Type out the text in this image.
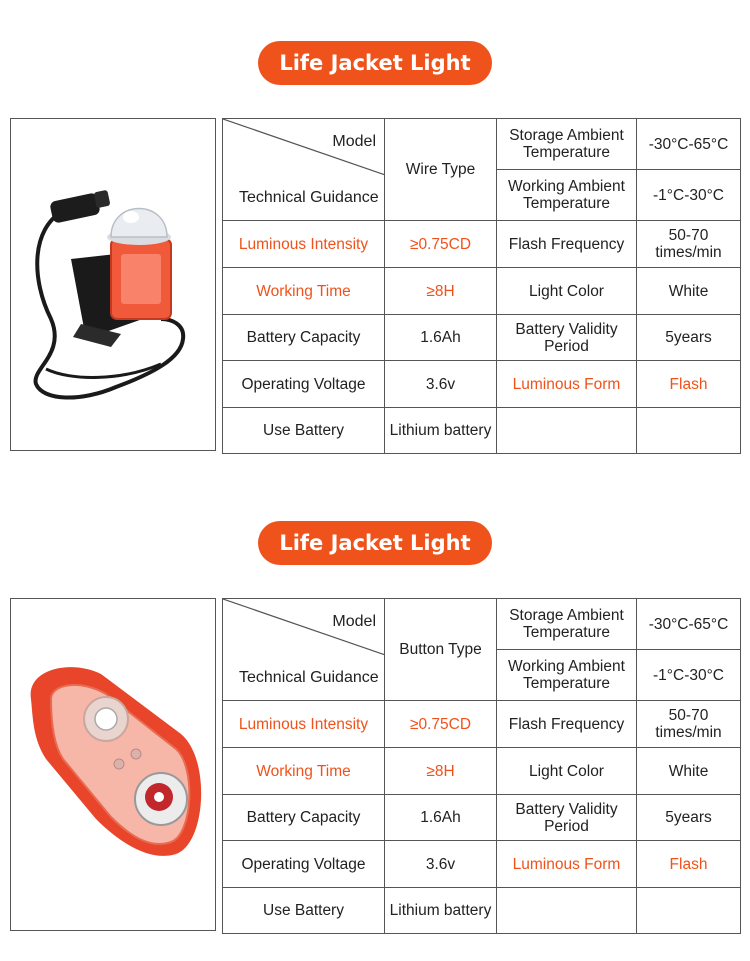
Life Jacket Light
Model
Technical Guidance	Wire Type	Storage Ambient Temperature	-30°C-65°C
		Working Ambient Temperature	-1°C-30°C
Luminous Intensity	≥0.75CD	Flash Frequency	50-70 times/min
Working Time	≥8H	Light Color	White
Battery Capacity	1.6Ah	Battery Validity Period	5years
Operating Voltage	3.6v	Luminous Form	Flash
Use Battery	Lithium battery		
Life Jacket Light
Model
Technical Guidance	Button Type	Storage Ambient Temperature	-30°C-65°C
		Working Ambient Temperature	-1°C-30°C
Luminous Intensity	≥0.75CD	Flash Frequency	50-70 times/min
Working Time	≥8H	Light Color	White
Battery Capacity	1.6Ah	Battery Validity Period	5years
Operating Voltage	3.6v	Luminous Form	Flash
Use Battery	Lithium battery		
